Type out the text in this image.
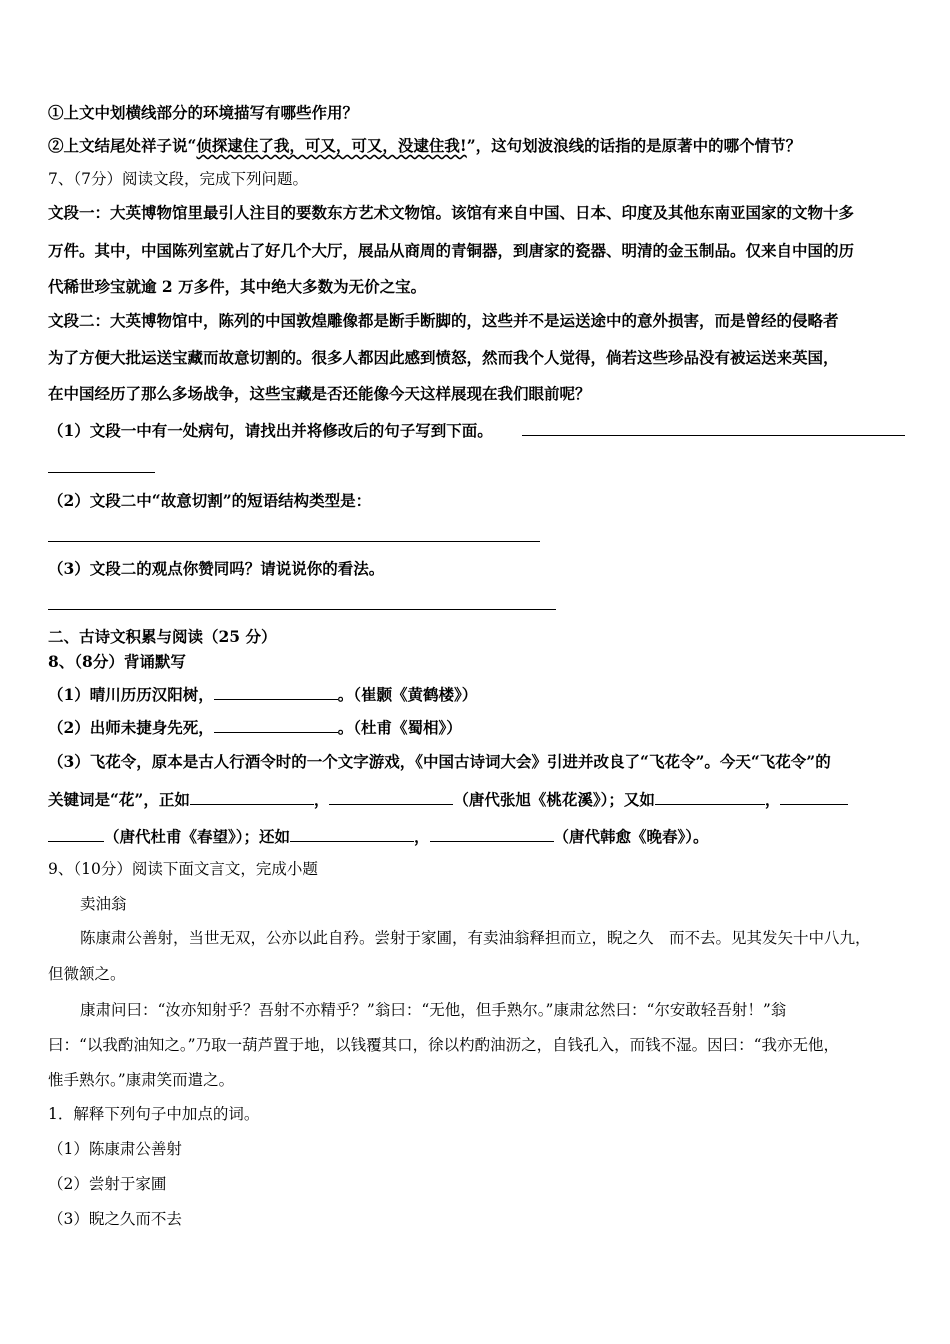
①上文中划横线部分的环境描写有哪些作用？
②上文结尾处祥子说“侦探逮住了我，可又，可又，没逮住我!”，这句划波浪线的话指的是原著中的哪个情节？
7、（7分）阅读文段，完成下列问题。
文段一：大英博物馆里最引人注目的要数东方艺术文物馆。该馆有来自中国、日本、印度及其他东南亚国家的文物十多
万件。其中，中国陈列室就占了好几个大厅，展品从商周的青铜器，到唐家的瓷器、明清的金玉制品。仅来自中国的历
代稀世珍宝就逾 2 万多件，其中绝大多数为无价之宝。
文段二：大英博物馆中，陈列的中国敦煌雕像都是断手断脚的，这些并不是运送途中的意外损害，而是曾经的侵略者
为了方便大批运送宝藏而故意切割的。很多人都因此感到愤怒，然而我个人觉得，倘若这些珍品没有被运送来英国，
在中国经历了那么多场战争，这些宝藏是否还能像今天这样展现在我们眼前呢？
（1）文段一中有一处病句，请找出并将修改后的句子写到下面。
（2）文段二中“故意切割”的短语结构类型是：
（3）文段二的观点你赞同吗？请说说你的看法。
二、古诗文积累与阅读（25 分）
8、（8分）背诵默写
（1）晴川历历汉阳树，	。（崔颢《黄鹤楼》）
（2）出师未捷身先死，	。（杜甫《蜀相》）
（3）飞花令，原本是古人行酒令时的一个文字游戏，《中国古诗词大会》引进并改良了“飞花令”。今天“飞花令”的
关键词是“花”，正如	，	（唐代张旭《桃花溪》）；又如	，
（唐代杜甫《春望》）；还如	，	（唐代韩愈《晚春》）。
9、（10分）阅读下面文言文，完成小题
卖油翁
陈康肃公善射，当世无双，公亦以此自矜。尝射于家圃，有卖油翁释担而立，睨之久　而不去。见其发矢十中八九，
但微颔之。
康肃问曰：“汝亦知射乎？吾射不亦精乎？”翁曰：“无他，但手熟尔。”康肃忿然曰：“尔安敢轻吾射！”翁
曰：“以我酌油知之。”乃取一葫芦置于地，以钱覆其口，徐以杓酌油沥之，自钱孔入，而钱不湿。因曰：“我亦无他，
惟手熟尔。”康肃笑而遣之。
1．解释下列句子中加点的词。
（1）陈康肃公善射
（2）尝射于家圃
（3）睨之久而不去
